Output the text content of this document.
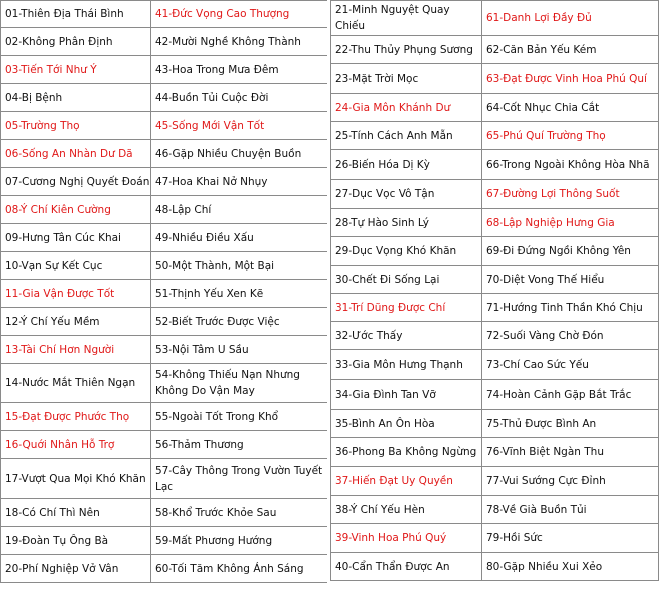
01-Thiên Địa Thái Bình	41-Đức Vọng Cao Thượng
02-Không Phân Định	42-Mười Nghề Không Thành
03-Tiến Tới Như Ý	43-Hoa Trong Mưa Đêm
04-Bị Bệnh	44-Buồn Tủi Cuộc Đời
05-Trường Thọ	45-Sống Mới Vận Tốt
06-Sống An Nhàn Dư Dã	46-Gặp Nhiều Chuyện Buồn
07-Cương Nghị Quyết Đoán	47-Hoa Khai Nở Nhụy
08-Ý Chí Kiên Cường	48-Lập Chí
09-Hưng Tân Cúc Khai	49-Nhiều Điều Xấu
10-Vạn Sự Kết Cục	50-Một Thành, Một Bại
11-Gia Vận Được Tốt	51-Thịnh Yếu Xen Kẽ
12-Ý Chí Yếu Mềm	52-Biết Trước Được Việc
13-Tài Chí Hơn Người	53-Nội Tâm U Sầu
14-Nước Mắt Thiên Ngạn	54-Không Thiếu Nạn Nhưng Không Do Vận May
15-Đạt Được Phước Thọ	55-Ngoài Tốt Trong Khổ
16-Quới Nhân Hỗ Trợ	56-Thảm Thương
17-Vượt Qua Mọi Khó Khăn	57-Cây Thông Trong Vườn Tuyết Lạc
18-Có Chí Thì Nên	58-Khổ Trước Khỏe Sau
19-Đoàn Tụ Ông Bà	59-Mất Phương Hướng
20-Phí Nghiệp Vở Vân	60-Tối Tăm Không Ánh Sáng
21-Minh Nguyệt Quay Chiếu	61-Danh Lợi Đầy Đủ
22-Thu Thủy Phụng Sương	62-Căn Bản Yếu Kém
23-Mặt Trời Mọc	63-Đạt Được Vinh Hoa Phú Quí
24-Gia Môn Khánh Dư	64-Cốt Nhục Chia Cắt
25-Tính Cách Anh Mẫn	65-Phú Quí Trường Thọ
26-Biến Hóa Dị Kỳ	66-Trong Ngoài Không Hòa Nhã
27-Dục Vọc Vô Tận	67-Đường Lợi Thông Suốt
28-Tự Hào Sinh Lý	68-Lập Nghiệp Hưng Gia
29-Dục Vọng Khó Khăn	69-Đi Đứng Ngồi Không Yên
30-Chết Đi Sống Lại	70-Diệt Vong Thế Hiểu
31-Trí Dũng Được Chí	71-Hướng Tinh Thần Khó Chịu
32-Ước Thấy	72-Suối Vàng Chờ Đón
33-Gia Môn Hưng Thạnh	73-Chí Cao Sức Yếu
34-Gia Đình Tan Vỡ	74-Hoàn Cảnh Gặp Bắt Trắc
35-Bình An Ôn Hòa	75-Thủ Được Bình An
36-Phong Ba Không Ngừng	76-Vĩnh Biệt Ngàn Thu
37-Hiến Đạt Uy Quyền	77-Vui Sướng Cực Đỉnh
38-Ý Chí Yếu Hèn	78-Về Già Buồn Tủi
39-Vinh Hoa Phú Quý	79-Hồi Sức
40-Cẩn Thẩn Được An	80-Gặp Nhiều Xui Xẻo
